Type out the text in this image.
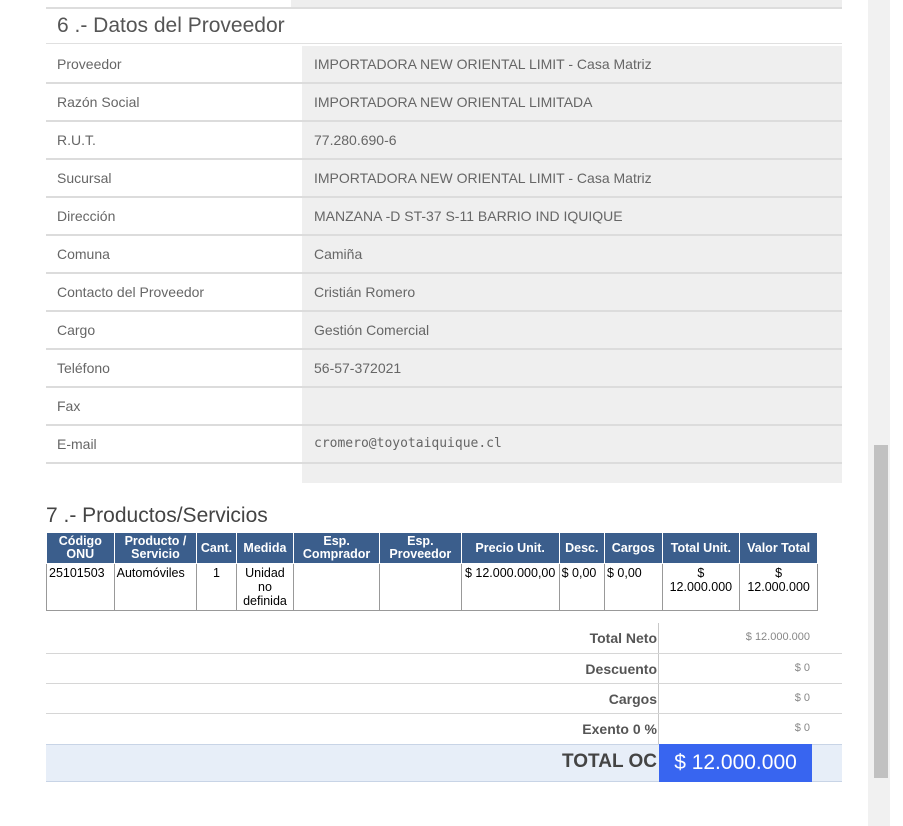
6 .- Datos del Proveedor
Proveedor	IMPORTADORA NEW ORIENTAL LIMIT - Casa Matriz
Razón Social	IMPORTADORA NEW ORIENTAL LIMITADA
R.U.T.	77.280.690-6
Sucursal	IMPORTADORA NEW ORIENTAL LIMIT - Casa Matriz
Dirección	MANZANA -D ST-37 S-11 BARRIO IND IQUIQUE
Comuna	Camiña
Contacto del Proveedor	Cristián Romero
Cargo	Gestión Comercial
Teléfono	56-57-372021
Fax
E-mail	cromero@toyotaiquique.cl
7 .- Productos/Servicios
Código ONU	Producto / Servicio	Cant.	Medida	Esp. Comprador	Esp. Proveedor	Precio Unit.	Desc.	Cargos	Total Unit.	Valor Total
25101503	Automóviles	1	Unidad no definida			$ 12.000.000,00	$ 0,00	$ 0,00	$ 12.000.000	$ 12.000.000
Total Neto	$ 12.000.000
Descuento	$ 0
Cargos	$ 0
Exento 0 %	$ 0
TOTAL OC $ 12.000.000
